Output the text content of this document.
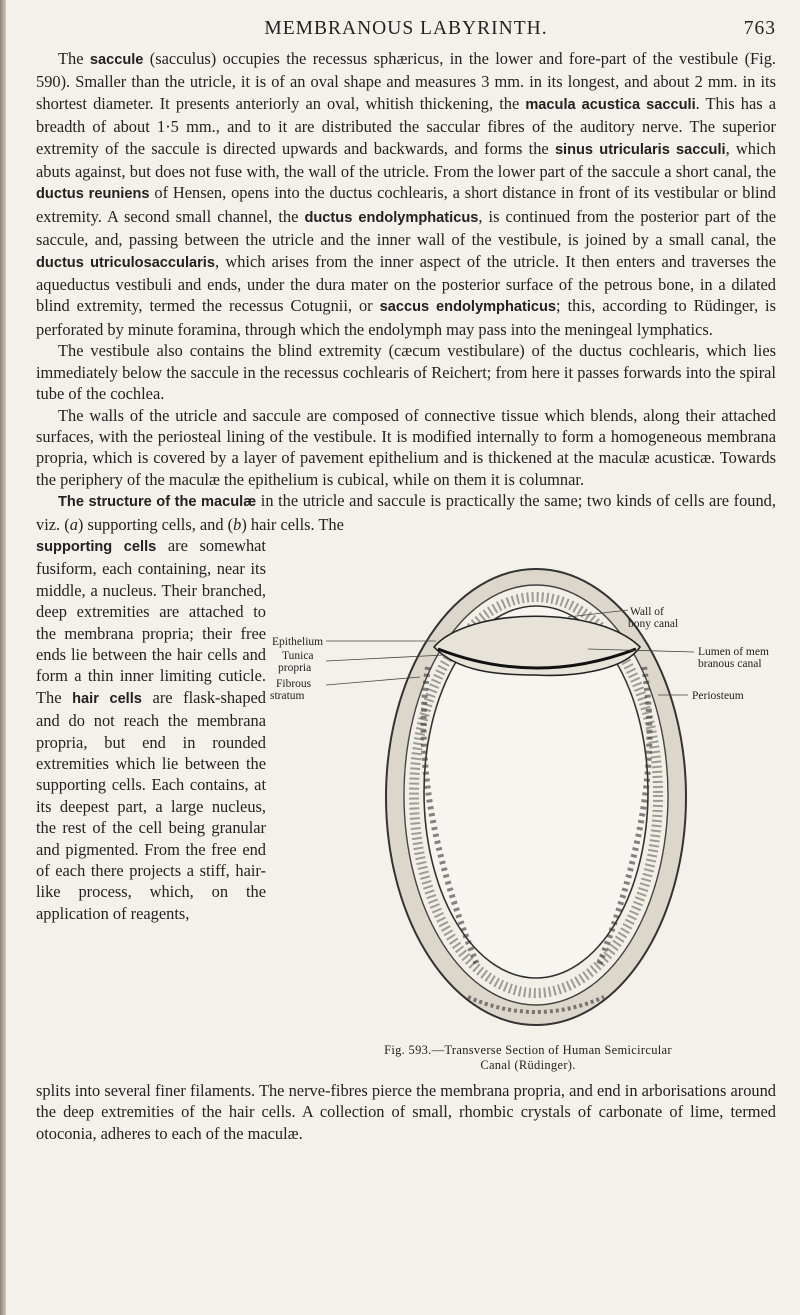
MEMBRANOUS LABYRINTH.	763

The saccule (sacculus) occupies the recessus sphæricus, in the lower and fore-part of the vestibule (Fig. 590). Smaller than the utricle, it is of an oval shape and measures 3 mm. in its longest, and about 2 mm. in its shortest diameter. It presents anteriorly an oval, whitish thickening, the macula acustica sacculi. This has a breadth of about 1·5 mm., and to it are distributed the saccular fibres of the auditory nerve. The superior extremity of the saccule is directed upwards and backwards, and forms the sinus utricularis sacculi, which abuts against, but does not fuse with, the wall of the utricle. From the lower part of the saccule a short canal, the ductus reuniens of Hensen, opens into the ductus cochlearis, a short distance in front of its vestibular or blind extremity. A second small channel, the ductus endolymphaticus, is continued from the posterior part of the saccule, and, passing between the utricle and the inner wall of the vestibule, is joined by a small canal, the ductus utriculosaccularis, which arises from the inner aspect of the utricle. It then enters and traverses the aqueductus vestibuli and ends, under the dura mater on the posterior surface of the petrous bone, in a dilated blind extremity, termed the recessus Cotugnii, or saccus endolymphaticus; this, according to Rüdinger, is perforated by minute foramina, through which the endolymph may pass into the meningeal lymphatics.

The vestibule also contains the blind extremity (cæcum vestibulare) of the ductus cochlearis, which lies immediately below the saccule in the recessus cochlearis of Reichert; from here it passes forwards into the spiral tube of the cochlea.

The walls of the utricle and saccule are composed of connective tissue which blends, along their attached surfaces, with the periosteal lining of the vestibule. It is modified internally to form a homogeneous membrana propria, which is covered by a layer of pavement epithelium and is thickened at the maculæ acusticæ. Towards the periphery of the maculæ the epithelium is cubical, while on them it is columnar.

The structure of the maculæ in the utricle and saccule is practically the same; two kinds of cells are found, viz. (a) supporting cells, and (b) hair cells. The

supporting cells are somewhat fusiform, each containing, near its middle, a nucleus. Their branched, deep extremities are attached to the membrana propria; their free ends lie between the hair cells and form a thin inner limiting cuticle. The hair cells are flask-shaped and do not reach the membrana propria, but end in rounded extremities which lie between the supporting cells. Each contains, at its deepest part, a large nucleus, the rest of the cell being granular and pigmented. From the free end of each there projects a stiff, hair-like process, which, on the application of reagents,

Epithelium
Tunica
propria
Fibrous
stratum
Wall of
bony canal
Lumen of mem
branous canal
Periosteum
Fig. 593.—Transverse Section of Human Semicircular
Canal (Rüdinger).

splits into several finer filaments. The nerve-fibres pierce the membrana propria, and end in arborisations around the deep extremities of the hair cells. A collection of small, rhombic crystals of carbonate of lime, termed otoconia, adheres to each of the maculæ.
